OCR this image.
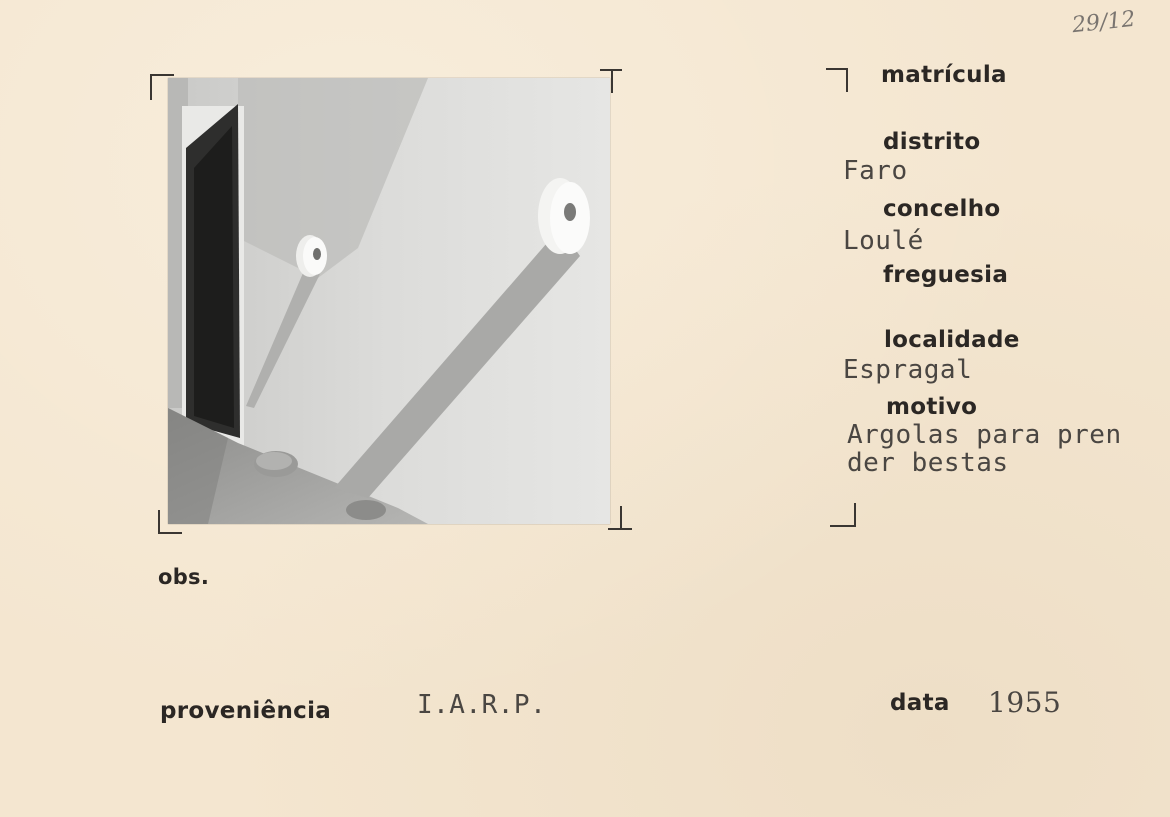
29/12
matrícula
distrito
Faro
concelho
Loulé
freguesia
localidade
Espragal
motivo
Argolas para pren
der bestas
obs.
proveniência	I.A.R.P.	data 1955
